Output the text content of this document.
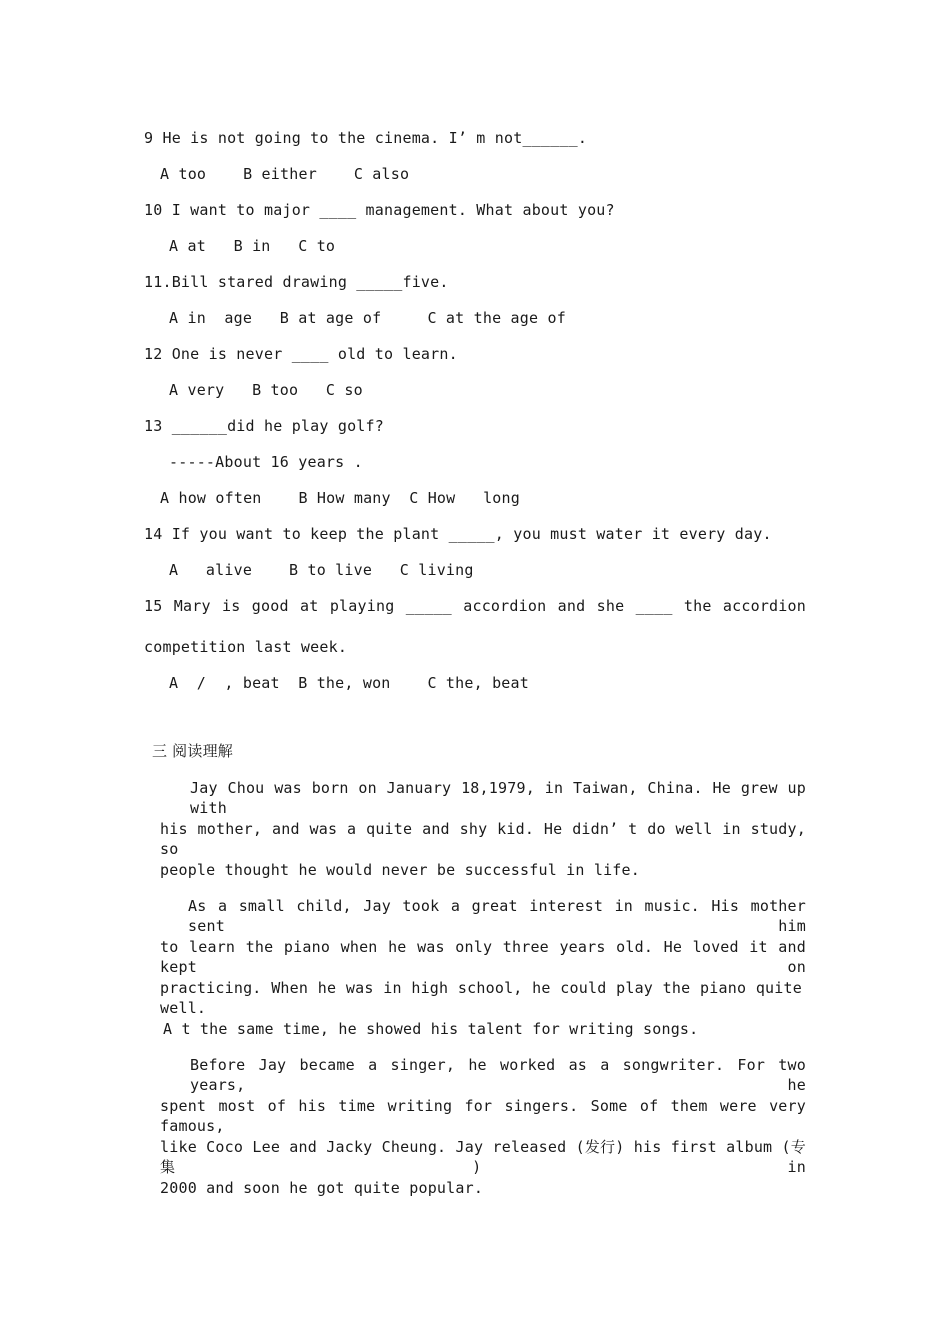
9 He is not going to the cinema. I’ m not______.
A too    B either    C also
10 I want to major ____ management. What about you?
A at   B in   C to
11.Bill stared drawing _____five.
A in  age   B at age of     C at the age of
12 One is never ____ old to learn.
A very   B too   C so
13 ______did he play golf?
-----About 16 years .
A how often    B How many  C How   long
14 If you want to keep the plant _____, you must water it every day.
A   alive    B to live   C living
15 Mary is good at playing _____ accordion and she ____ the accordion
competition last week.
A  /  , beat  B the, won    C the, beat
三 阅读理解
Jay Chou was born on January 18,1979, in Taiwan, China. He grew up with
his mother, and was a quite and shy kid. He didn’ t do well in study, so
people thought he would never be successful in life.
As a small child, Jay took a great interest in music. His mother sent him
to learn the piano when he was only three years old. He loved it and kept on
practicing. When he was in high school, he could play the piano quite well.
A t the same time, he showed his talent for writing songs.
Before Jay became a singer, he worked as a songwriter. For two years, he
spent most of his time writing for singers. Some of them were very famous,
like Coco Lee and Jacky Cheung. Jay released (发行) his first album (专集) in
2000 and soon he got quite popular.
